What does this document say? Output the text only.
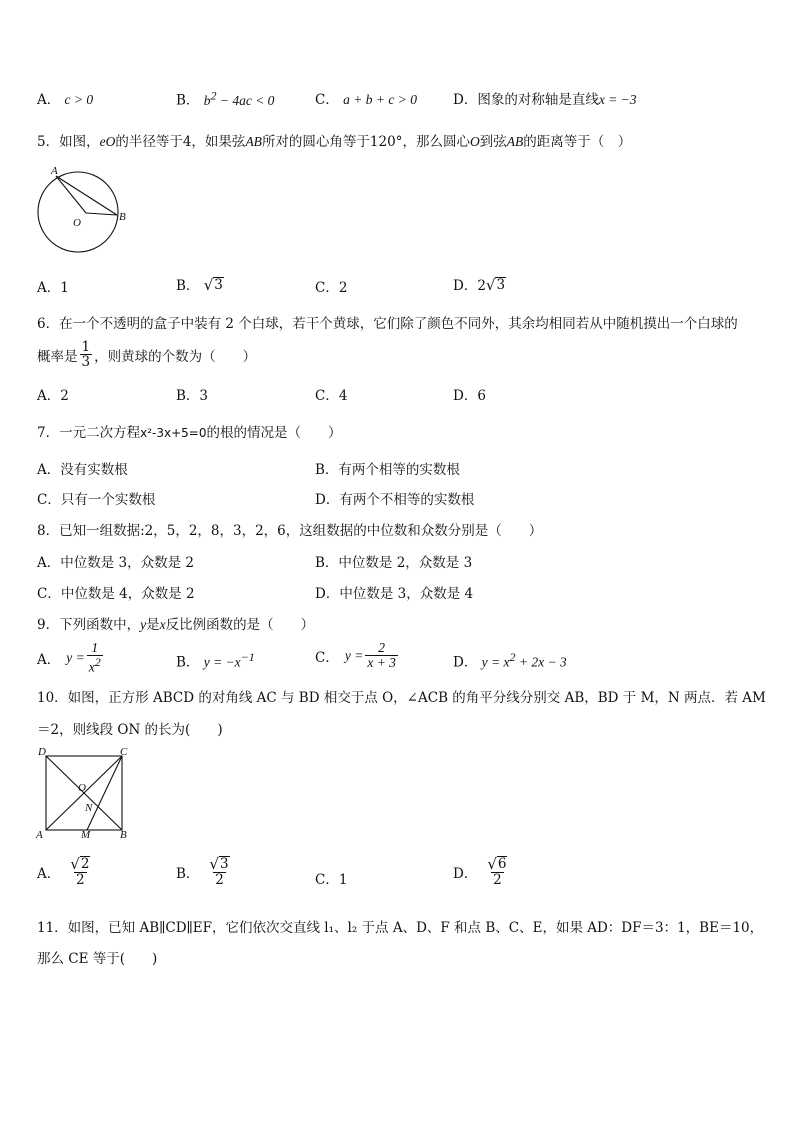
A． c > 0	B． $b^2 - 4ac < 0$	C． a + b + c > 0	D．图象的对称轴是直线x = −3
5．如图，eO的半径等于4，如果弦AB所对的圆心角等于120°，那么圆心O到弦AB的距离等于（　）
A
B
O
A．1	B． √ 3	C．2	D．2 √ 3
6．在一个不透明的盒子中装有 2 个白球，若干个黄球，它们除了颜色不同外，其余均相同若从中随机摸出一个白球的
概率是 $\frac{1}{3}$ ，则黄球的个数为（　　）
A．2	B．3	C．4	D．6
7．一元二次方程x²-3x+5=0的根的情况是（　　）
A．没有实数根	B．有两个相等的实数根
C．只有一个实数根	D．有两个不相等的实数根
8．已知一组数据:2，5，2，8，3，2，6，这组数据的中位数和众数分别是（　　）
A．中位数是 3，众数是 2	B．中位数是 2，众数是 3
C．中位数是 4，众数是 2	D．中位数是 3，众数是 4
9．下列函数中，y是x反比例函数的是（　　）
A． $y = \frac{1}{x^2}$	B． $y = -x^{-1}$	C． $y = \frac{2}{x + 3}$	D． $y = x^2 + 2x - 3$
10．如图，正方形 ABCD 的对角线 AC 与 BD 相交于点 O，∠ACB 的角平分线分别交 AB，BD 于 M，N 两点．若 AM
＝2，则线段 ON 的长为(　　)
A	B
C
D
O
N
M
A． $\frac{√ 2}{2}$	B． $\frac{√ 3}{2}$	C．1	D． $\frac{√ 6}{2}$
11．如图，已知 AB∥CD∥EF，它们依次交直线 l₁、l₂ 于点 A、D、F 和点 B、C、E，如果 AD：DF＝3：1，BE＝10，
那么 CE 等于(　　)
